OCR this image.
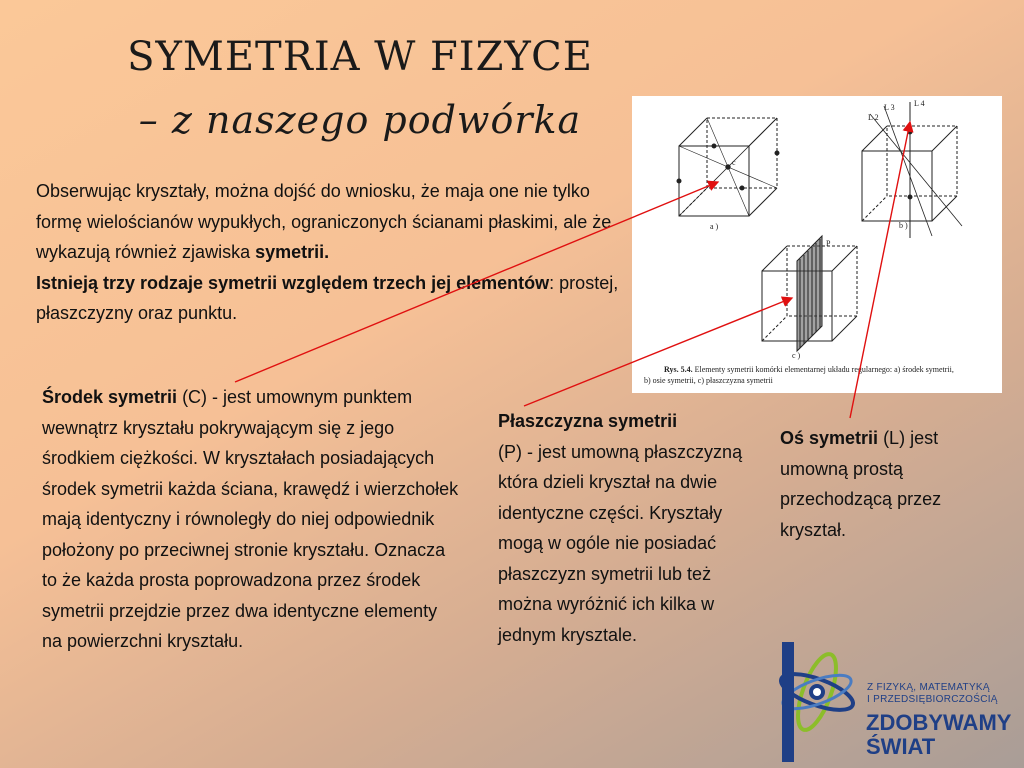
SYMETRIA W FIZYCE
– z naszego podwórka
Obserwując kryształy, można dojść do wniosku, że maja one nie tylko formę wielościanów wypukłych, ograniczonych ścianami płaskimi, ale że wykazują również zjawiska symetrii.
Istnieją trzy rodzaje symetrii względem trzech jej elementów: prostej, płaszczyzny oraz punktu.
Środek symetrii (C) - jest umownym punktem wewnątrz kryształu pokrywającym się z jego środkiem ciężkości. W kryształach posiadających środek symetrii każda ściana, krawędź i wierzchołek mają identyczny i równoległy do niej odpowiednik położony po przeciwnej stronie kryształu. Oznacza to że każda prosta poprowadzona przez środek symetrii przejdzie przez dwa identyczne elementy na powierzchni kryształu.
Płaszczyzna symetrii
(P) - jest umowną płaszczyzną która dzieli kryształ na dwie identyczne części. Kryształy mogą w ogóle nie posiadać płaszczyzn symetrii lub też można wyróżnić ich kilka w jednym krysztale.
Oś symetrii (L) jest umowną prostą przechodzącą przez kryształ.
c
a )	b )
c )
P
L 2
L 3 L 4
Rys. 5.4. Elementy symetrii komórki elementarnej układu regularnego: a) środek symetrii,
b) osie symetrii, c) płaszczyzna symetrii
Z FIZYKĄ, MATEMATYKĄ
I PRZEDSIĘBIORCZOŚCIĄ
ZDOBYWAMY
ŚWIAT
